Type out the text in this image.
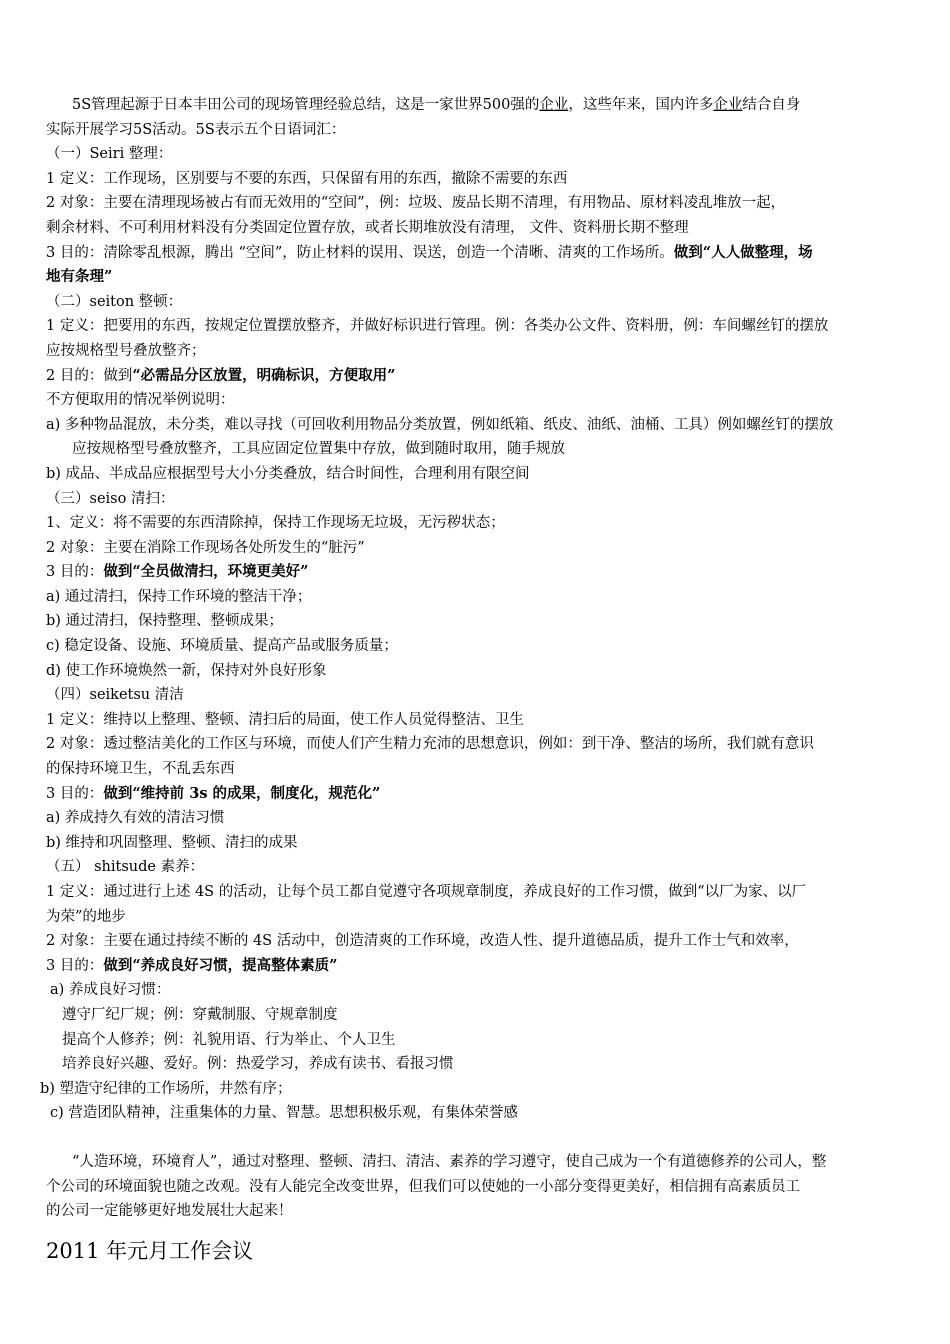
5S管理起源于日本丰田公司的现场管理经验总结，这是一家世界500强的企业，这些年来，国内许多企业结合自身
实际开展学习5S活动。5S表示五个日语词汇：
（一）Seiri 整理：
1 定义：工作现场，区别要与不要的东西，只保留有用的东西，撤除不需要的东西
2 对象：主要在清理现场被占有而无效用的“空间”，例：垃圾、废品长期不清理，有用物品、原材料凌乱堆放一起，
剩余材料、不可利用材料没有分类固定位置存放，或者长期堆放没有清理， 文件、资料册长期不整理
3 目的：清除零乱根源，腾出 “空间”，防止材料的误用、误送，创造一个清晰、清爽的工作场所。做到“人人做整理，场
地有条理”
（二）seiton 整顿：
1 定义：把要用的东西，按规定位置摆放整齐，并做好标识进行管理。例：各类办公文件、资料册，例：车间螺丝钉的摆放
应按规格型号叠放整齐；
2 目的：做到“必需品分区放置，明确标识，方便取用”
不方便取用的情况举例说明：
a) 多种物品混放，未分类，难以寻找（可回收利用物品分类放置，例如纸箱、纸皮、油纸、油桶、工具）例如螺丝钉的摆放
应按规格型号叠放整齐，工具应固定位置集中存放，做到随时取用，随手规放
b) 成品、半成品应根据型号大小分类叠放，结合时间性，合理利用有限空间
（三）seiso 清扫：
1、定义：将不需要的东西清除掉，保持工作现场无垃圾，无污秽状态；
2 对象：主要在消除工作现场各处所发生的“脏污”
3 目的：做到“全员做清扫，环境更美好”
a) 通过清扫，保持工作环境的整洁干净；
b) 通过清扫，保持整理、整顿成果；
c) 稳定设备、设施、环境质量、提高产品或服务质量；
d) 使工作环境焕然一新，保持对外良好形象
（四）seiketsu 清洁
1 定义：维持以上整理、整顿、清扫后的局面，使工作人员觉得整洁、卫生
2 对象：透过整洁美化的工作区与环境，而使人们产生精力充沛的思想意识，例如：到干净、整洁的场所，我们就有意识
的保持环境卫生，不乱丢东西
3 目的：做到“维持前 3s 的成果，制度化，规范化”
a) 养成持久有效的清洁习惯
b) 维持和巩固整理、整顿、清扫的成果
（五） shitsude 素养：
1 定义：通过进行上述 4S 的活动，让每个员工都自觉遵守各项规章制度，养成良好的工作习惯，做到“以厂为家、以厂
为荣”的地步
2 对象：主要在通过持续不断的 4S 活动中，创造清爽的工作环境，改造人性、提升道德品质，提升工作士气和效率，
3 目的：做到“养成良好习惯，提高整体素质”
a) 养成良好习惯：
遵守厂纪厂规；例：穿戴制服、守规章制度
提高个人修养；例：礼貌用语、行为举止、个人卫生
培养良好兴趣、爱好。例：热爱学习，养成有读书、看报习惯
b) 塑造守纪律的工作场所，井然有序；
c) 营造团队精神，注重集体的力量、智慧。思想积极乐观，有集体荣誉感
“人造环境，环境育人”，通过对整理、整顿、清扫、清洁、素养的学习遵守，使自己成为一个有道德修养的公司人，整
个公司的环境面貌也随之改观。没有人能完全改变世界，但我们可以使她的一小部分变得更美好，相信拥有高素质员工
的公司一定能够更好地发展壮大起来！
2011 年元月工作会议
